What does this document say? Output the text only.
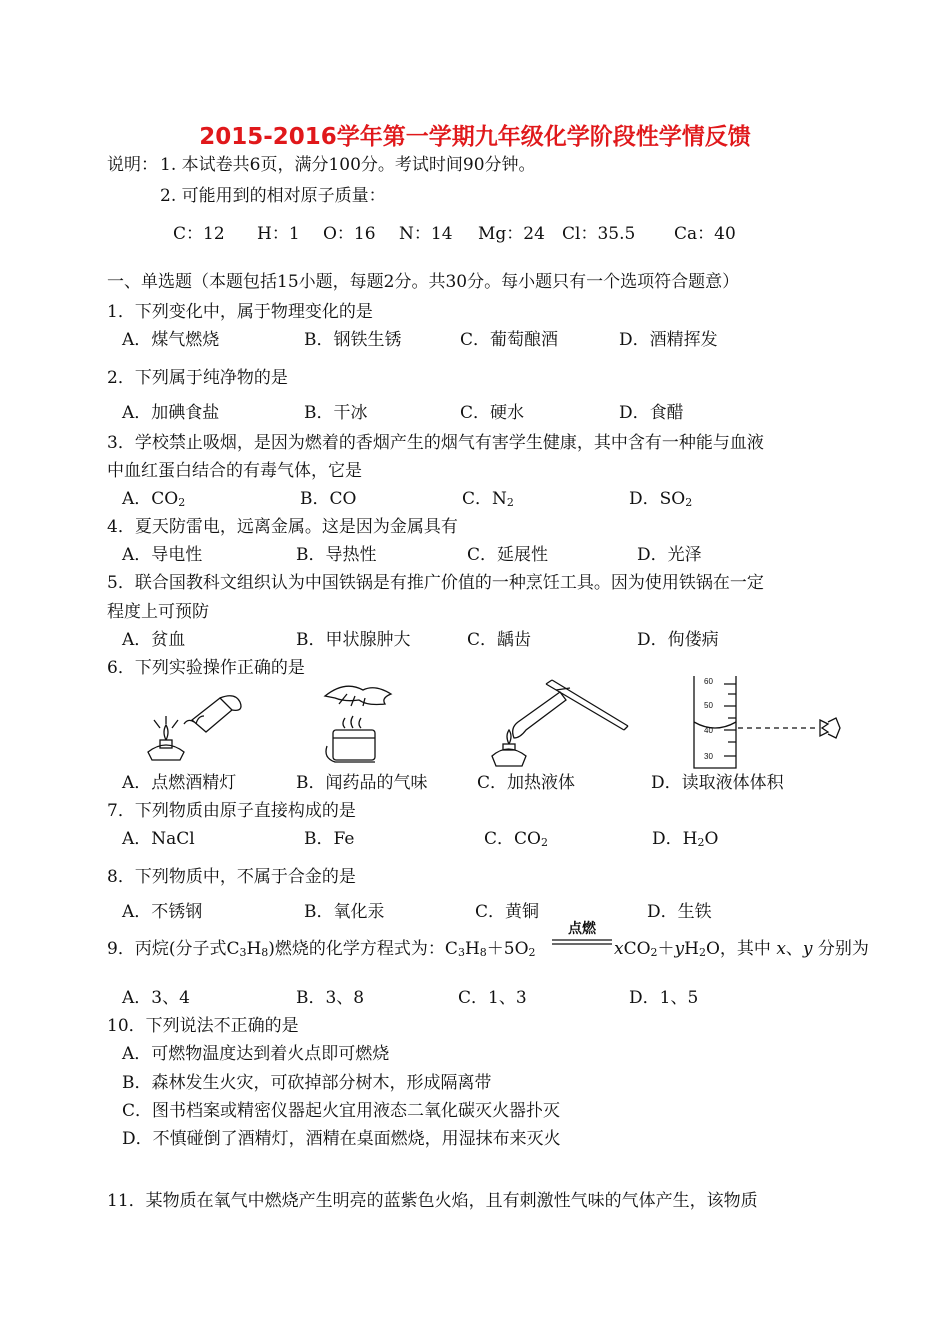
2015-2016学年第一学期九年级化学阶段性学情反馈
说明： 1. 本试卷共6页，满分100分。考试时间90分钟。
2. 可能用到的相对原子质量：
C：12 H：1 O：16 N：14 Mg：24 Cl：35.5 Ca：40
一、单选题（本题包括15小题，每题2分。共30分。每小题只有一个选项符合题意）
1．下列变化中，属于物理变化的是
A．煤气燃烧	B．钢铁生锈	C．葡萄酿酒	D．酒精挥发
2．下列属于纯净物的是
A．加碘食盐	B．干冰	C．硬水	D．食醋
3．学校禁止吸烟，是因为燃着的香烟产生的烟气有害学生健康，其中含有一种能与血液
中血红蛋白结合的有毒气体，它是
A．$CO_2$	B．CO	C．$N_2$	D．$SO_2$
4．夏天防雷电，远离金属。这是因为金属具有
A．导电性	B．导热性	C．延展性	D．光泽
5．联合国教科文组织认为中国铁锅是有推广价值的一种烹饪工具。因为使用铁锅在一定
程度上可预防
A．贫血	B．甲状腺肿大	C．龋齿	D．佝偻病
6．下列实验操作正确的是
60
50
40
30
A．点燃酒精灯	B．闻药品的气味	C．加热液体	D．读取液体体积
7．下列物质由原子直接构成的是
A．NaCl	B．Fe	C．$CO_2$	D．$H_2O$
8．下列物质中，不属于合金的是
A．不锈钢	B．氧化汞	C．黄铜	D．生铁
9．丙烷(分子式$C_3H_8$)燃烧的化学方程式为：$C_3H_8+5O_2$
点燃
$xCO_2+yH_2O$，其中 x、y 分别为
A．3、4	B．3、8	C．1、3	D．1、5
10．下列说法不正确的是
A．可燃物温度达到着火点即可燃烧
B．森林发生火灾，可砍掉部分树木，形成隔离带
C．图书档案或精密仪器起火宜用液态二氧化碳灭火器扑灭
D．不慎碰倒了酒精灯，酒精在桌面燃烧，用湿抹布来灭火
11．某物质在氧气中燃烧产生明亮的蓝紫色火焰，且有刺激性气味的气体产生，该物质
